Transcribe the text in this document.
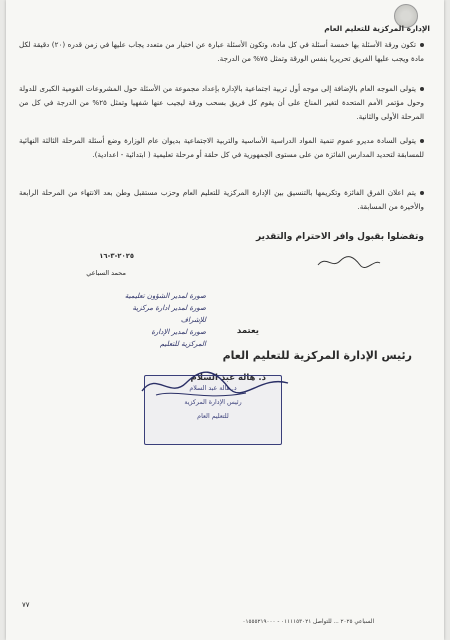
الإدارة المركزية للتعليم العام
تكون ورقة الأسئلة بها خمسة أسئلة في كل مادة، وتكون الأسئلة عبارة عن اختيار من متعدد يجاب عليها في زمن قدره (٢٠) دقيقة لكل مادة ويجب عليها الفريق تحريريا بنفس الورقة وتمثل ٧٥% من الدرجة.
يتولى الموجه العام بالإضافة إلى موجه أول تربية اجتماعية بالإدارة بإعداد مجموعة من الأسئلة حول المشروعات القومية الكبرى للدولة وحول مؤتمر الأمم المتحدة لتغير المناخ على أن يقوم كل فريق بسحب ورقة ليجيب عنها شفهيا وتمثل ٢٥% من الدرجة في كل من المرحلة الأولى والثانية.
يتولى السادة مديرو عموم تنمية المواد الدراسية الأساسية والتربية الاجتماعية بديوان عام الوزارة وضع أسئلة المرحلة الثالثة النهائية للمسابقة لتحديد المدارس الفائزة من على مستوى الجمهورية في كل حلقة أو مرحلة تعليمية ( ابتدائية - اعدادية).
يتم اعلان الفرق الفائزة وتكريمها بالتنسيق بين الإدارة المركزية للتعليم العام وحزب مستقبل وطن بعد الانتهاء من المرحلة الرابعة والأخيرة من المسابقة.
وتفضلوا بقبول وافر الاحترام والتقدير
٢٠٢٥-٣-١٦
محمد السباعي
صورة لمدير الشؤون تعليمية
صورة لمدير ادارة مركزية
للإشراف
صورة لمدير الإدارة
المركزية للتعليم
يعتمد
رئيس الإدارة المركزية للتعليم العام
د. هالة عبد السلام
د. هالة عبد السلام
رئيس الإدارة المركزية
للتعليم العام
٧٧
السباعي ٢٠٢٥ ... للتواصل ٠١١١١٥٣٠٢١ - ٠١٥٥٥٢١٩٠٠٠
